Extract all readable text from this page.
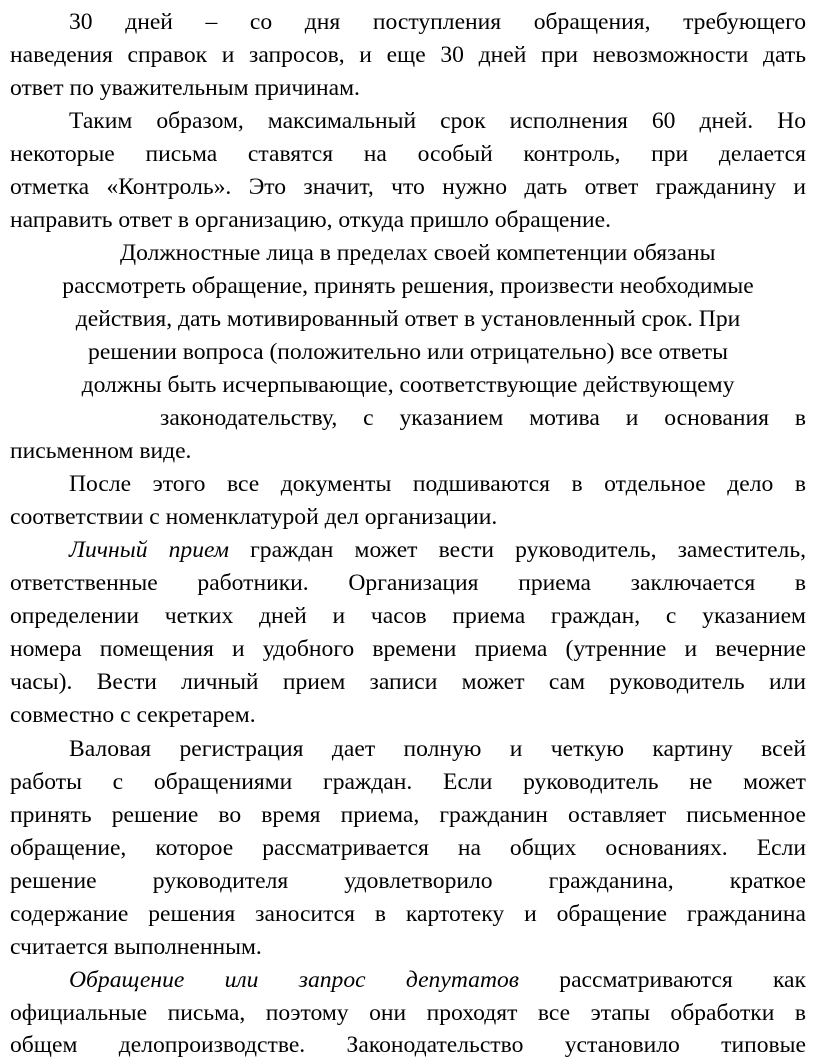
30 дней – со дня поступления обращения, требующего

наведения справок и запросов, и еще 30 дней при невозможности дать

ответ по уважительным причинам.

Таким образом, максимальный срок исполнения 60 дней. Но

некоторые письма ставятся на особый контроль, при делается

отметка «Контроль». Это значит, что нужно дать ответ гражданину и

направить ответ в организацию, откуда пришло обращение.

Должностные лица в пределах своей компетенции обязаны

рассмотреть обращение, принять решения, произвести необходимые

действия, дать мотивированный ответ в установленный срок. При

решении вопроса (положительно или отрицательно) все ответы

должны быть исчерпывающие, соответствующие действующему

законодательству, с указанием мотива и основания в

письменном виде.

После этого все документы подшиваются в отдельное дело в

соответствии с номенклатурой дел организации.

Личный прием граждан может вести руководитель, заместитель,

ответственные работники. Организация приема заключается в

определении четких дней и часов приема граждан, с указанием

номера помещения и удобного времени приема (утренние и вечерние

часы). Вести личный прием записи может сам руководитель или

совместно с секретарем.

Валовая регистрация дает полную и четкую картину всей

работы с обращениями граждан. Если руководитель не может

принять решение во время приема, гражданин оставляет письменное

обращение, которое рассматривается на общих основаниях. Если

решение руководителя удовлетворило гражданина, краткое

содержание решения заносится в картотеку и обращение гражданина

считается выполненным.

Обращение или запрос депутатов рассматриваются как

официальные письма, поэтому они проходят все этапы обработки в

общем делопроизводстве. Законодательство установило типовые
